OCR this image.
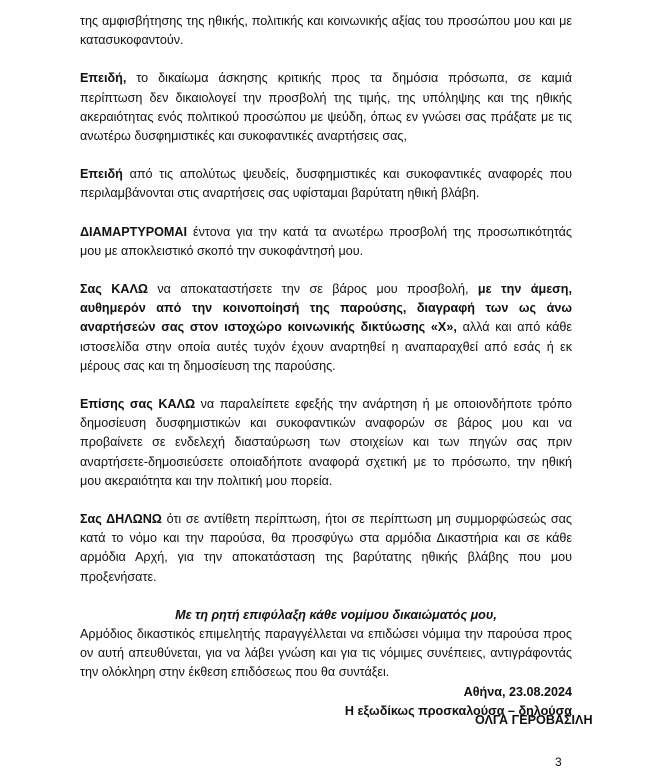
της αμφισβήτησης της ηθικής, πολιτικής και κοινωνικής αξίας του προσώπου μου και με κατασυκοφαντούν.

Επειδή, το δικαίωμα άσκησης κριτικής προς τα δημόσια πρόσωπα, σε καμιά περίπτωση δεν δικαιολογεί την προσβολή της τιμής, της υπόληψης και της ηθικής ακεραιότητας ενός πολιτικού προσώπου με ψεύδη, όπως εν γνώσει σας πράξατε με τις ανωτέρω δυσφημιστικές και συκοφαντικές αναρτήσεις σας,

Επειδή από τις απολύτως ψευδείς, δυσφημιστικές και συκοφαντικές αναφορές που περιλαμβάνονται στις αναρτήσεις σας υφίσταμαι βαρύτατη ηθική βλάβη.

ΔΙΑΜΑΡΤΥΡΟΜΑΙ έντονα για την κατά τα ανωτέρω προσβολή της προσωπικότητάς μου με αποκλειστικό σκοπό την συκοφάντησή μου.

Σας ΚΑΛΩ να αποκαταστήσετε την σε βάρος μου προσβολή, με την άμεση, αυθημερόν από την κοινοποίησή της παρούσης, διαγραφή των ως άνω αναρτήσεών σας στον ιστοχώρο κοινωνικής δικτύωσης «Χ», αλλά και από κάθε ιστοσελίδα στην οποία αυτές τυχόν έχουν αναρτηθεί η αναπαραχθεί από εσάς ή εκ μέρους σας και τη δημοσίευση της παρούσης.

Επίσης σας ΚΑΛΩ να παραλείπετε εφεξής την ανάρτηση ή με οποιονδήποτε τρόπο δημοσίευση δυσφημιστικών και συκοφαντικών αναφορών σε βάρος μου και να προβαίνετε σε ενδελεχή διασταύρωση των στοιχείων και των πηγών σας πριν αναρτήσετε-δημοσιεύσετε οποιαδήποτε αναφορά σχετική με το πρόσωπο, την ηθική μου ακεραιότητα και την πολιτική μου πορεία.

Σας ΔΗΛΩΝΩ ότι σε αντίθετη περίπτωση, ήτοι σε περίπτωση μη συμμορφώσεώς σας κατά το νόμο και την παρούσα, θα προσφύγω στα αρμόδια Δικαστήρια και σε κάθε αρμόδια Αρχή, για την αποκατάσταση της βαρύτατης ηθικής βλάβης που μου προξενήσατε.

Με τη ρητή επιφύλαξη κάθε νομίμου δικαιώματός μου,

Αρμόδιος δικαστικός επιμελητής παραγγέλλεται να επιδώσει νόμιμα την παρούσα προς ον αυτή απευθύνεται, για να λάβει γνώση και για τις νόμιμες συνέπειες, αντιγράφοντάς την ολόκληρη στην έκθεση επιδόσεως που θα συντάξει.

Αθήνα, 23.08.2024

Η εξωδίκως προσκαλούσα – δηλούσα

ΟΛΓΑ ΓΕΡΟΒΑΣΙΛΗ
3
